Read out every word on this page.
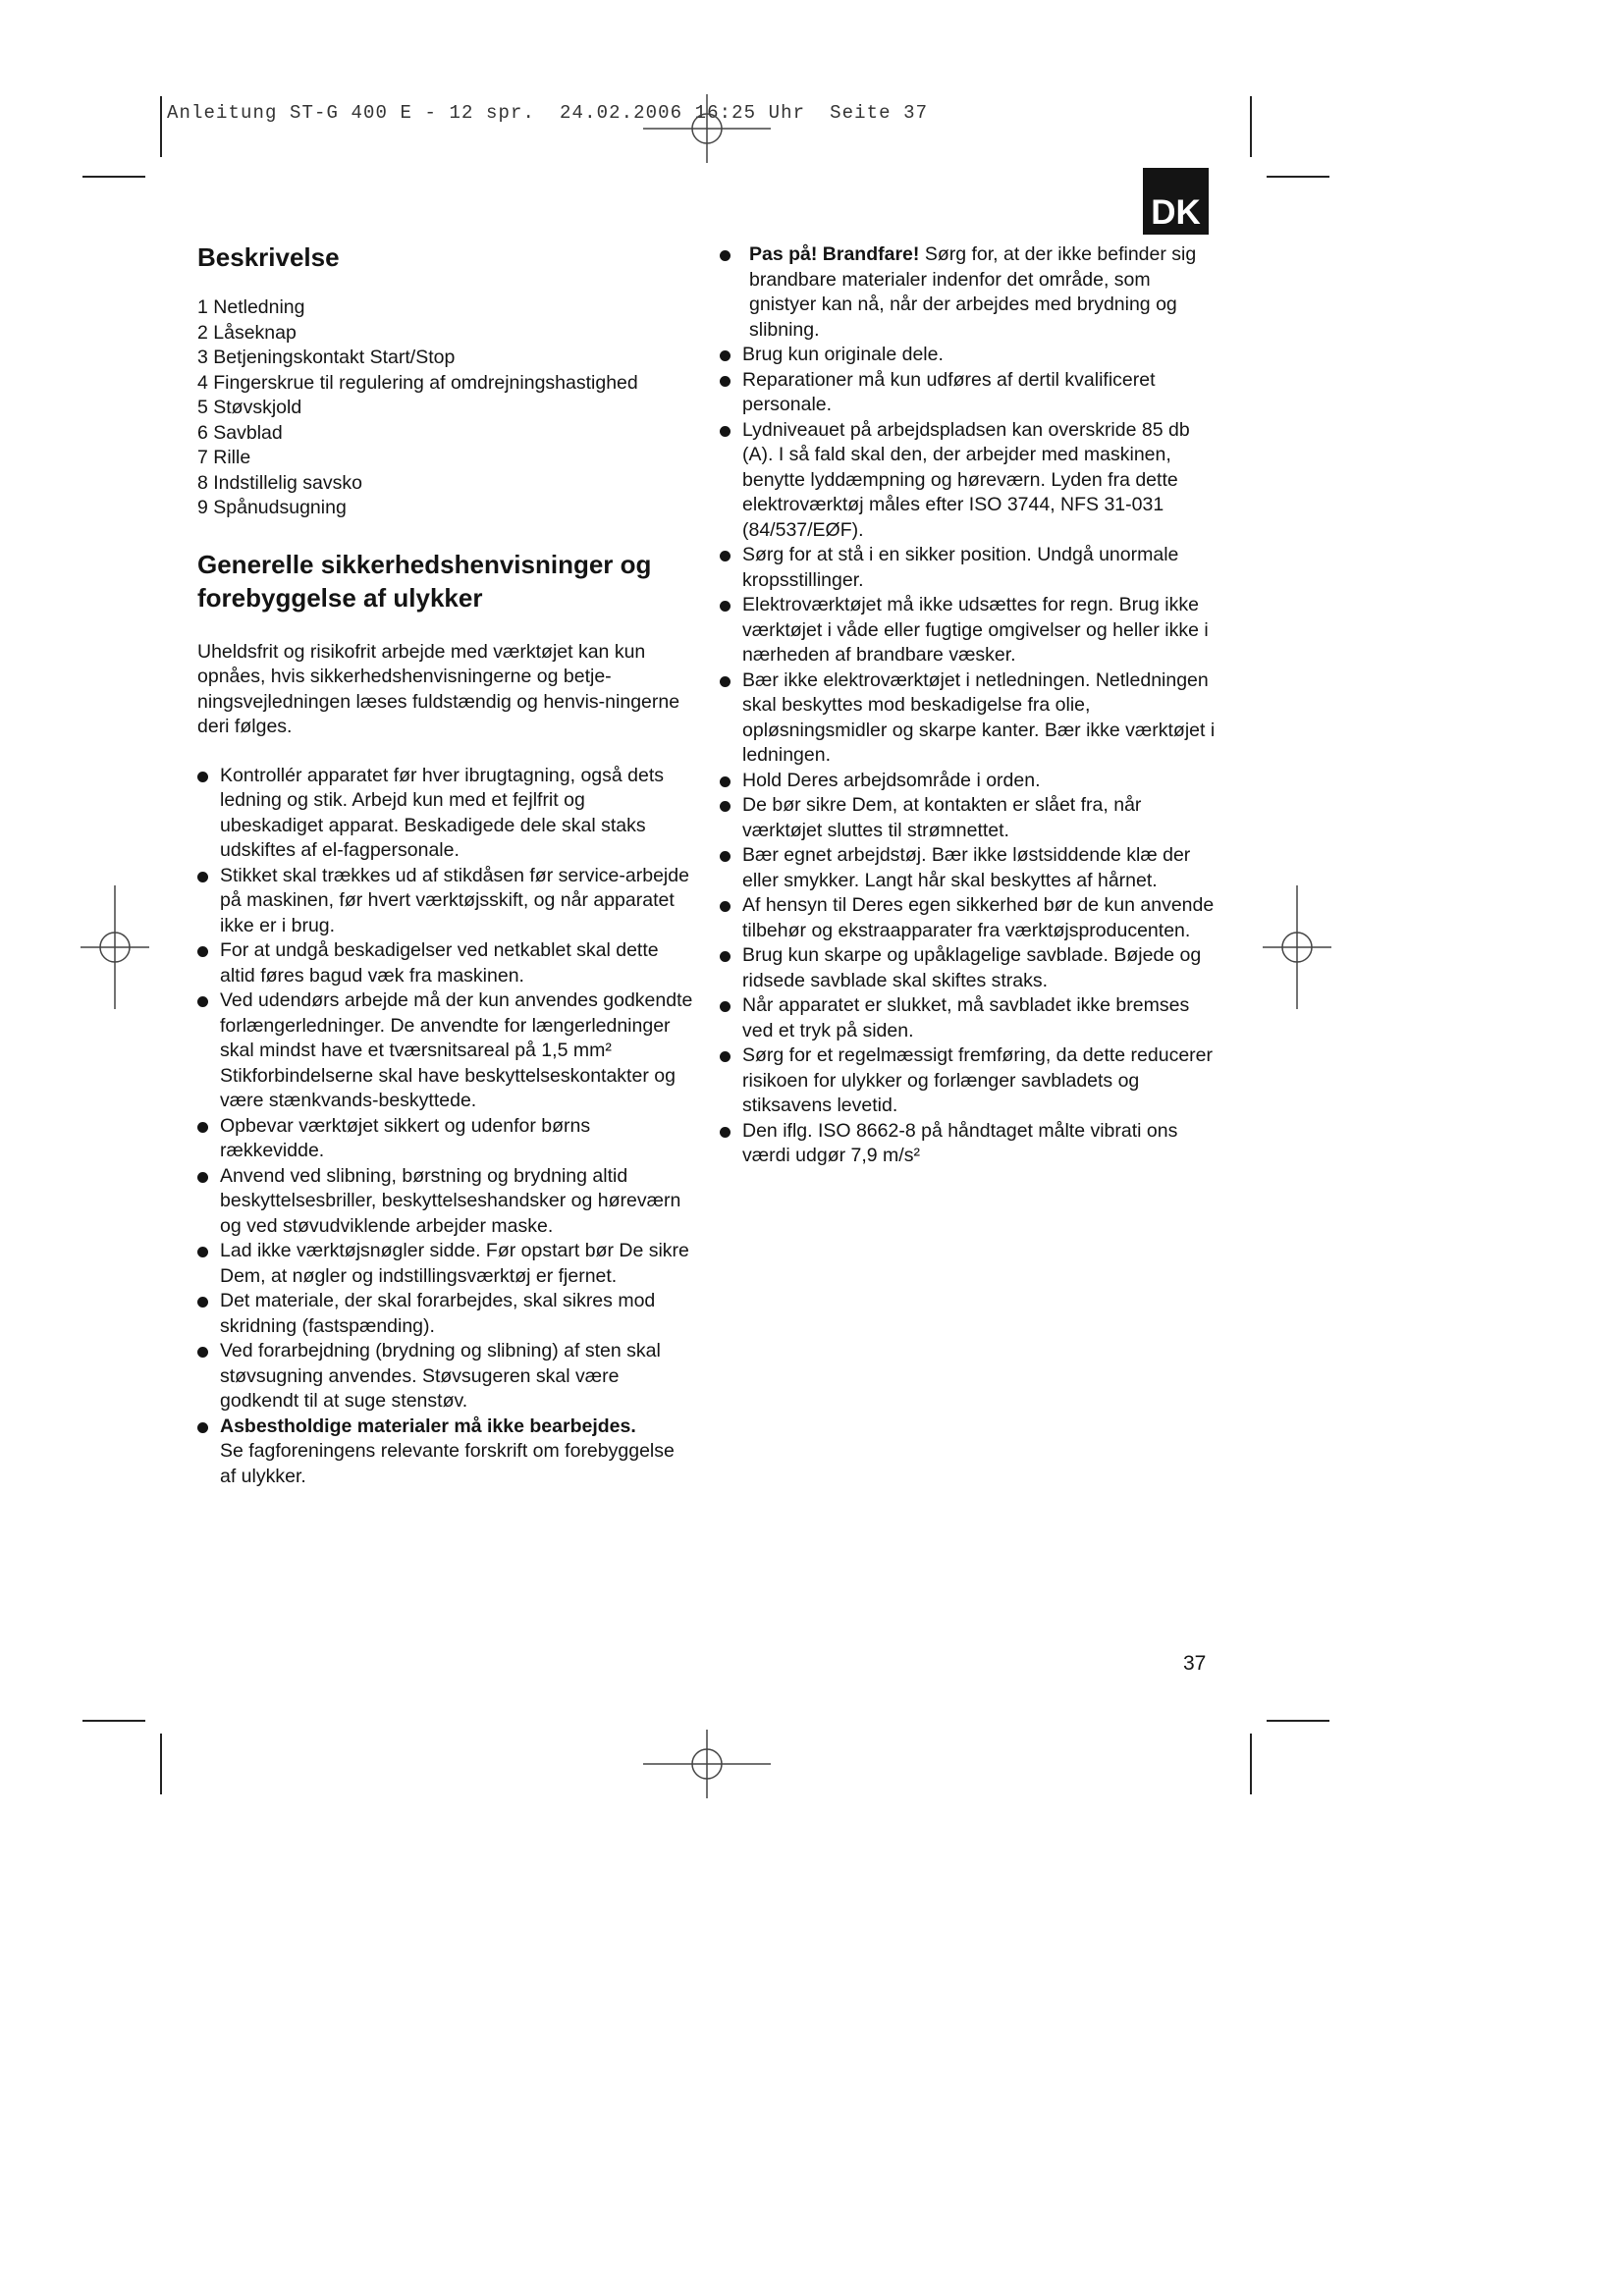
Anleitung ST-G 400 E - 12 spr.  24.02.2006 16:25 Uhr  Seite 37
DK
Beskrivelse
1 Netledning
2 Låseknap
3 Betjeningskontakt Start/Stop
4 Fingerskrue til regulering af omdrejningshastighed
5 Støvskjold
6 Savblad
7 Rille
8 Indstillelig savsko
9 Spånudsugning
Generelle sikkerhedshenvisninger og forebyggelse af ulykker

Uheldsfrit og risikofrit arbejde med værktøjet kan kun opnåes, hvis sikkerhedshenvisningerne og betje-ningsvejledningen læses fuldstændig og henvis-ningerne deri følges.

Kontrollér apparatet før hver ibrugtagning, også dets ledning og stik. Arbejd kun med et fejlfrit og ubeskadiget apparat. Beskadigede dele skal staks udskiftes af el-fagpersonale.
Stikket skal trækkes ud af stikdåsen før service-arbejde på maskinen, før hvert værktøjsskift, og når apparatet ikke er i brug.
For at undgå beskadigelser ved netkablet skal dette altid føres bagud væk fra maskinen.
Ved udendørs arbejde må der kun anvendes godkendte forlængerledninger. De anvendte for længerledninger skal mindst have et tværsnitsareal på 1,5 mm² Stikforbindelserne skal have beskyttelseskontakter og være stænkvands-beskyttede.
Opbevar værktøjet sikkert og udenfor børns rækkevidde.
Anvend ved slibning, børstning og brydning altid beskyttelsesbriller, beskyttelseshandsker og høreværn og ved støvudviklende arbejder maske.
Lad ikke værktøjsnøgler sidde. Før opstart bør De sikre Dem, at nøgler og indstillingsværktøj er fjernet.
Det materiale, der skal forarbejdes, skal sikres mod skridning (fastspænding).
Ved forarbejdning (brydning og slibning) af sten skal støvsugning anvendes. Støvsugeren skal være godkendt til at suge stenstøv.
Asbestholdige materialer må ikke bearbejdes.
Se fagforeningens relevante forskrift om forebyggelse af ulykker.
Pas på! Brandfare! Sørg for, at der ikke befinder sig brandbare materialer indenfor det område, som gnistyer kan nå, når der arbejdes med brydning og slibning.
Brug kun originale dele.
Reparationer må kun udføres af dertil kvalificeret personale.
Lydniveauet på arbejdspladsen kan overskride 85 db (A). I så fald skal den, der arbejder med maskinen, benytte lyddæmpning og høreværn. Lyden fra dette elektroværktøj måles efter ISO 3744, NFS 31-031 (84/537/EØF).
Sørg for at stå i en sikker position. Undgå unormale kropsstillinger.
Elektroværktøjet må ikke udsættes for regn. Brug ikke værktøjet i våde eller fugtige omgivelser og heller ikke i nærheden af brandbare væsker.
Bær ikke elektroværktøjet i netledningen. Netledningen skal beskyttes mod beskadigelse fra olie, opløsningsmidler og skarpe kanter. Bær ikke værktøjet i ledningen.
Hold Deres arbejdsområde i orden.
De bør sikre Dem, at kontakten er slået fra, når værktøjet sluttes til strømnettet.
Bær egnet arbejdstøj. Bær ikke løstsiddende klæ der eller smykker. Langt hår skal beskyttes af hårnet.
Af hensyn til Deres egen sikkerhed bør de kun anvende tilbehør og ekstraapparater fra værktøjsproducenten.
Brug kun skarpe og upåklagelige savblade. Bøjede og ridsede savblade skal skiftes straks.
Når apparatet er slukket, må savbladet ikke bremses ved et tryk på siden.
Sørg for et regelmæssigt fremføring, da dette reducerer risikoen for ulykker og forlænger savbladets og stiksavens levetid.
Den iflg. ISO 8662-8 på håndtaget målte vibrati ons værdi udgør 7,9 m/s²
37
